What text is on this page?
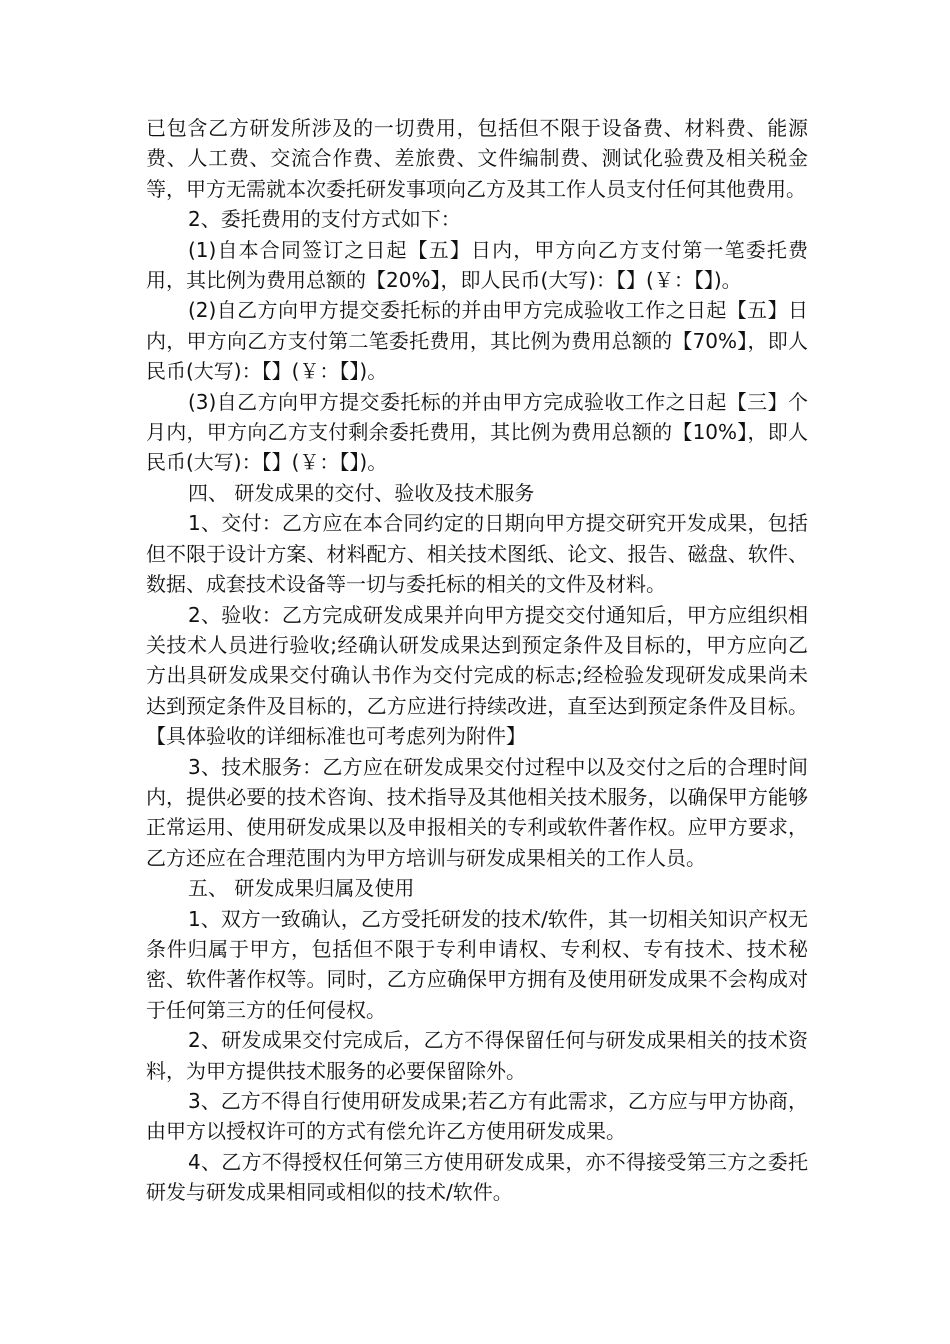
已包含乙方研发所涉及的一切费用，包括但不限于设备费、材料费、能源费、人工费、交流合作费、差旅费、文件编制费、测试化验费及相关税金等，甲方无需就本次委托研发事项向乙方及其工作人员支付任何其他费用。

2、委托费用的支付方式如下：

(1)自本合同签订之日起【五】日内，甲方向乙方支付第一笔委托费用，其比例为费用总额的【20%】，即人民币(大写)：【】(￥：【】)。

(2)自乙方向甲方提交委托标的并由甲方完成验收工作之日起【五】日内，甲方向乙方支付第二笔委托费用，其比例为费用总额的【70%】，即人民币(大写)：【】(￥：【】)。

(3)自乙方向甲方提交委托标的并由甲方完成验收工作之日起【三】个月内，甲方向乙方支付剩余委托费用，其比例为费用总额的【10%】，即人民币(大写)：【】(￥：【】)。

四、 研发成果的交付、验收及技术服务

1、交付：乙方应在本合同约定的日期向甲方提交研究开发成果，包括但不限于设计方案、材料配方、相关技术图纸、论文、报告、磁盘、软件、数据、成套技术设备等一切与委托标的相关的文件及材料。

2、验收：乙方完成研发成果并向甲方提交交付通知后，甲方应组织相关技术人员进行验收;经确认研发成果达到预定条件及目标的，甲方应向乙方出具研发成果交付确认书作为交付完成的标志;经检验发现研发成果尚未达到预定条件及目标的，乙方应进行持续改进，直至达到预定条件及目标。【具体验收的详细标准也可考虑列为附件】

3、技术服务：乙方应在研发成果交付过程中以及交付之后的合理时间内，提供必要的技术咨询、技术指导及其他相关技术服务，以确保甲方能够正常运用、使用研发成果以及申报相关的专利或软件著作权。应甲方要求，乙方还应在合理范围内为甲方培训与研发成果相关的工作人员。

五、 研发成果归属及使用

1、双方一致确认，乙方受托研发的技术/软件，其一切相关知识产权无条件归属于甲方，包括但不限于专利申请权、专利权、专有技术、技术秘密、软件著作权等。同时，乙方应确保甲方拥有及使用研发成果不会构成对于任何第三方的任何侵权。

2、研发成果交付完成后，乙方不得保留任何与研发成果相关的技术资料，为甲方提供技术服务的必要保留除外。

3、乙方不得自行使用研发成果;若乙方有此需求，乙方应与甲方协商，由甲方以授权许可的方式有偿允许乙方使用研发成果。

4、乙方不得授权任何第三方使用研发成果，亦不得接受第三方之委托研发与研发成果相同或相似的技术/软件。
